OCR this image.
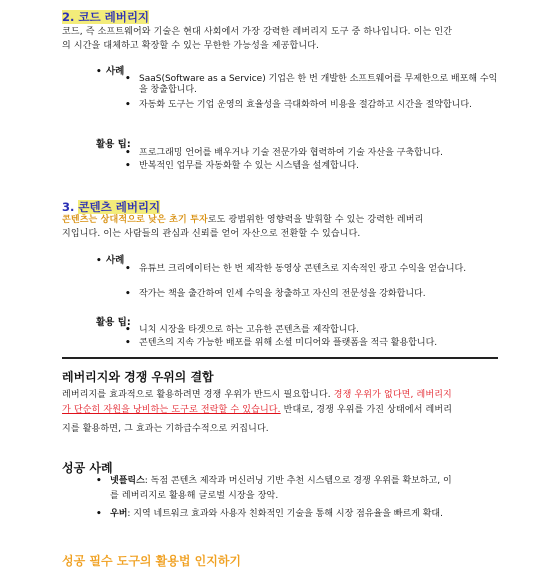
2. 코드 레버리지
코드, 즉 소프트웨어와 기술은 현대 사회에서 가장 강력한 레버리지 도구 중 하나입니다. 이는 인간
의 시간을 대체하고 확장할 수 있는 무한한 가능성을 제공합니다.
• 사례
• SaaS(Software as a Service) 기업은 한 번 개발한 소프트웨어를 무제한으로 배포해 수익을 창출합니다.
• 자동화 도구는 기업 운영의 효율성을 극대화하여 비용을 절감하고 시간을 절약합니다.
활용 팁:
• 프로그래밍 언어를 배우거나 기술 전문가와 협력하여 기술 자산을 구축합니다.
• 반복적인 업무를 자동화할 수 있는 시스템을 설계합니다.
3. 콘텐츠 레버리지
콘텐츠는 상대적으로 낮은 초기 투자로도 광범위한 영향력을 발휘할 수 있는 강력한 레버리
지입니다. 이는 사람들의 관심과 신뢰를 얻어 자산으로 전환할 수 있습니다.
• 사례
• 유튜브 크리에이터는 한 번 제작한 동영상 콘텐츠로 지속적인 광고 수익을 얻습니다.
• 작가는 책을 출간하여 인세 수익을 창출하고 자신의 전문성을 강화합니다.
활용 팁:
• 니치 시장을 타겟으로 하는 고유한 콘텐츠를 제작합니다.
• 콘텐츠의 지속 가능한 배포를 위해 소셜 미디어와 플랫폼을 적극 활용합니다.
레버리지와 경쟁 우위의 결합
레버리지를 효과적으로 활용하려면 경쟁 우위가 반드시 필요합니다. 경쟁 우위가 없다면, 레버리지
가 단순히 자원을 낭비하는 도구로 전락할 수 있습니다. 반대로, 경쟁 우위를 가진 상태에서 레버리
지를 활용하면, 그 효과는 기하급수적으로 커집니다.
성공 사례
• 넷플릭스: 독점 콘텐츠 제작과 머신러닝 기반 추천 시스템으로 경쟁 우위를 확보하고, 이
를 레버리지로 활용해 글로벌 시장을 장악.
• 우버: 지역 네트워크 효과와 사용자 친화적인 기술을 통해 시장 점유율을 빠르게 확대.
성공 필수 도구의 활용법 인지하기
